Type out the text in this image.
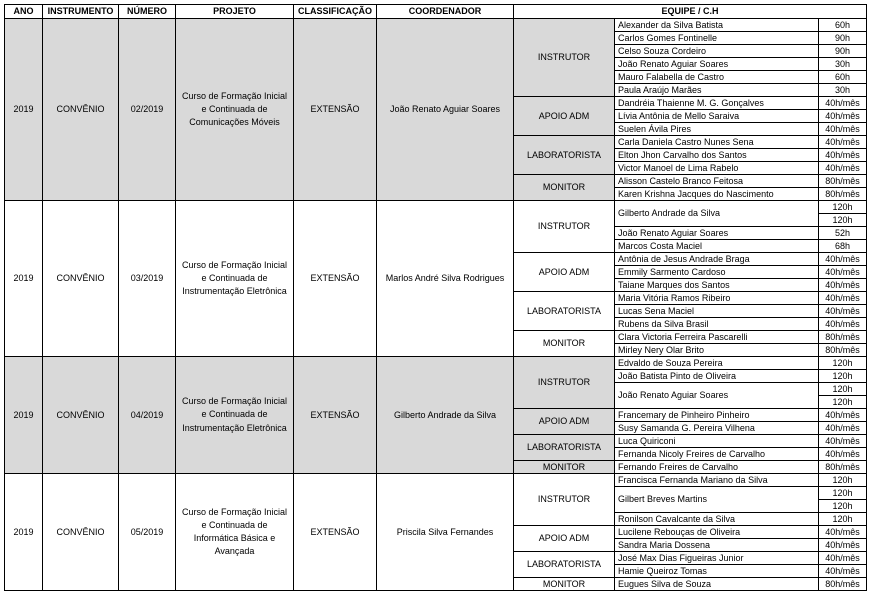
ANO	INSTRUMENTO	NÚMERO	PROJETO	CLASSIFICAÇÃO	COORDENADOR	EQUIPE / C.H		
2019	CONVÊNIO	02/2019	Curso de Formação Inicial e Continuada de Comunicações Móveis	EXTENSÃO	João Renato Aguiar Soares	INSTRUTOR	Alexander da Silva Batista	60h
							Carlos Gomes Fontinelle	90h
							Celso Souza Cordeiro	90h
							João Renato Aguiar Soares	30h
							Mauro Falabella de Castro	60h
							Paula Araújo Marães	30h
						APOIO ADM	Dandréia Thaienne M. G. Gonçalves	40h/mês
							Lívia Antônia de Mello Saraiva	40h/mês
							Suelen Ávila Pires	40h/mês
						LABORATORISTA	Carla Daniela Castro Nunes Sena	40h/mês
							Elton Jhon Carvalho dos Santos	40h/mês
							Victor Manoel de Lima Rabelo	40h/mês
						MONITOR	Alisson Castelo Branco Feitosa	80h/mês
							Karen Krishna Jacques do Nascimento	80h/mês
2019	CONVÊNIO	03/2019	Curso de Formação Inicial e Continuada de Instrumentação Eletrônica	EXTENSÃO	Marlos André Silva Rodrigues	INSTRUTOR	Gilberto Andrade da Silva	120h
								120h
							João Renato Aguiar Soares	52h
							Marcos Costa Maciel	68h
						APOIO ADM	Antônia de Jesus Andrade Braga	40h/mês
							Emmily Sarmento Cardoso	40h/mês
							Taiane Marques dos Santos	40h/mês
						LABORATORISTA	Maria Vitória Ramos Ribeiro	40h/mês
							Lucas Sena Maciel	40h/mês
							Rubens da Silva Brasil	40h/mês
						MONITOR	Clara Victoria Ferreira Pascarelli	80h/mês
							Mirley Nery Olar Brito	80h/mês
2019	CONVÊNIO	04/2019	Curso de Formação Inicial e Continuada de Instrumentação Eletrônica	EXTENSÃO	Gilberto Andrade da Silva	INSTRUTOR	Edvaldo de Souza Pereira	120h
							João Batista Pinto de Oliveira	120h
							João Renato Aguiar Soares	120h
								120h
						APOIO ADM	Francemary de Pinheiro Pinheiro	40h/mês
							Susy Samanda G. Pereira Vilhena	40h/mês
						LABORATORISTA	Luca Quiriconi	40h/mês
							Fernanda Nicoly Freires de Carvalho	40h/mês
						MONITOR	Fernando Freires de Carvalho	80h/mês
2019	CONVÊNIO	05/2019	Curso de Formação Inicial e Continuada de Informática Básica e Avançada	EXTENSÃO	Priscila Silva Fernandes	INSTRUTOR	Francisca Fernanda Mariano da Silva	120h
							Gilbert Breves Martins	120h
								120h
							Ronilson Cavalcante da Silva	120h
						APOIO ADM	Lucilene Rebouças de Oliveira	40h/mês
							Sandra Maria Dossena	40h/mês
						LABORATORISTA	José Max Dias Figueiras Junior	40h/mês
							Hamie Queiroz Tomas	40h/mês
						MONITOR	Eugues Silva de Souza	80h/mês
